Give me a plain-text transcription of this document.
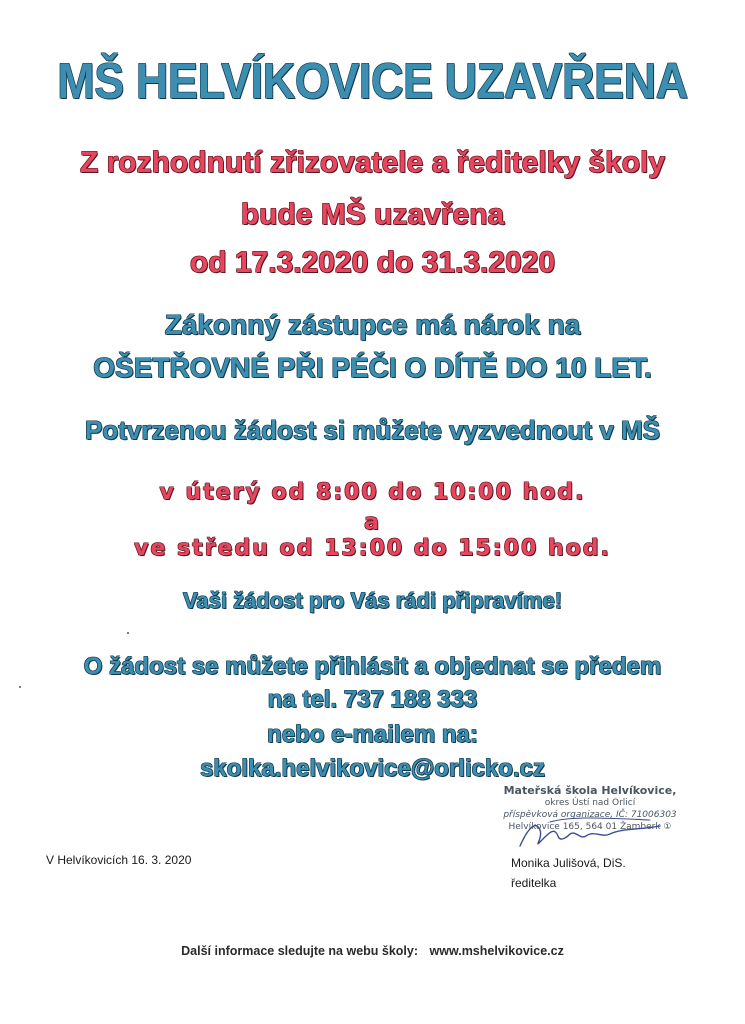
MŠ HELVÍKOVICE UZAVŘENA
Z rozhodnutí zřizovatele a ředitelky školy
bude MŠ uzavřena
od 17.3.2020 do 31.3.2020
Zákonný zástupce má nárok na
OŠETŘOVNÉ PŘI PÉČI O DÍTĚ DO 10 LET.
Potvrzenou žádost si můžete vyzvednout v MŠ
v úterý od 8:00 do 10:00 hod.
a
ve středu od 13:00 do 15:00 hod.
Vaši žádost pro Vás rádi připravíme!
O žádost se můžete přihlásit a objednat se předem
na tel. 737 188 333
nebo e-mailem na:
skolka.helvikovice@orlicko.cz
Mateřská škola Helvíkovice,
okres Ústí nad Orlicí
příspěvková organizace, IČ: 71006303
Helvíkovice 165, 564 01 Žamberk ①
V Helvíkovicích 16. 3. 2020	Monika Julišová, DiS.
ředitelka
Další informace sledujte na webu školy: www.mshelvikovice.cz
